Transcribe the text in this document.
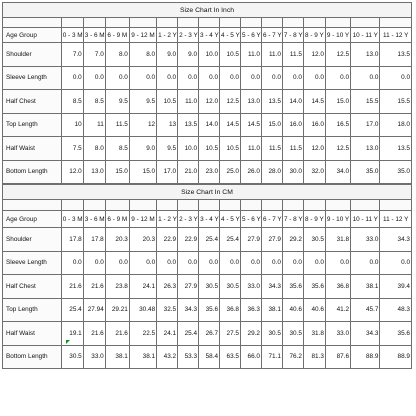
Size Chart In Inch															

Age Group	0 - 3 M	3 - 6 M	6 - 9 M	9 - 12 M	1 - 2 Y	2 - 3 Y	3 - 4 Y	4 - 5 Y	5 - 6 Y	6 - 7 Y	7 - 8 Y	8 - 9 Y	9 - 10 Y	10 - 11 Y	11 - 12 Y
Shoulder	7.0	7.0	8.0	8.0	9.0	9.0	10.0	10.5	11.0	11.0	11.5	12.0	12.5	13.0	13.5
Sleeve Length	0.0	0.0	0.0	0.0	0.0	0.0	0.0	0.0	0.0	0.0	0.0	0.0	0.0	0.0	0.0
Half Chest	8.5	8.5	9.5	9.5	10.5	11.0	12.0	12.5	13.0	13.5	14.0	14.5	15.0	15.5	15.5
Top Length	10	11	11.5	12	13	13.5	14.0	14.5	14.5	15.0	16.0	16.0	16.5	17.0	18.0
Half Waist	7.5	8.0	8.5	9.0	9.5	10.0	10.5	10.5	11.0	11.5	11.5	12.0	12.5	13.0	13.5
Bottom Length	12.0	13.0	15.0	15.0	17.0	21.0	23.0	25.0	26.0	28.0	30.0	32.0	34.0	35.0	35.0
Size Chart In CM															

Age Group	0 - 3 M	3 - 6 M	6 - 9 M	9 - 12 M	1 - 2 Y	2 - 3 Y	3 - 4 Y	4 - 5 Y	5 - 6 Y	6 - 7 Y	7 - 8 Y	8 - 9 Y	9 - 10 Y	10 - 11 Y	11 - 12 Y
Shoulder	17.8	17.8	20.3	20.3	22.9	22.9	25.4	25.4	27.9	27.9	29.2	30.5	31.8	33.0	34.3
Sleeve Length	0.0	0.0	0.0	0.0	0.0	0.0	0.0	0.0	0.0	0.0	0.0	0.0	0.0	0.0	0.0
Half Chest	21.6	21.6	23.8	24.1	26.3	27.9	30.5	30.5	33.0	34.3	35.6	35.6	36.8	38.1	39.4
Top Length	25.4	27.94	29.21	30.48	32.5	34.3	35.6	36.8	36.3	38.1	40.6	40.6	41.2	45.7	48.3
Half Waist	19.1	21.6	21.6	22.5	24.1	25.4	26.7	27.5	29.2	30.5	30.5	31.8	33.0	34.3	35.6
Bottom Length	30.5	33.0	38.1	38.1	43.2	53.3	58.4	63.5	66.0	71.1	76.2	81.3	87.6	88.9	88.9
